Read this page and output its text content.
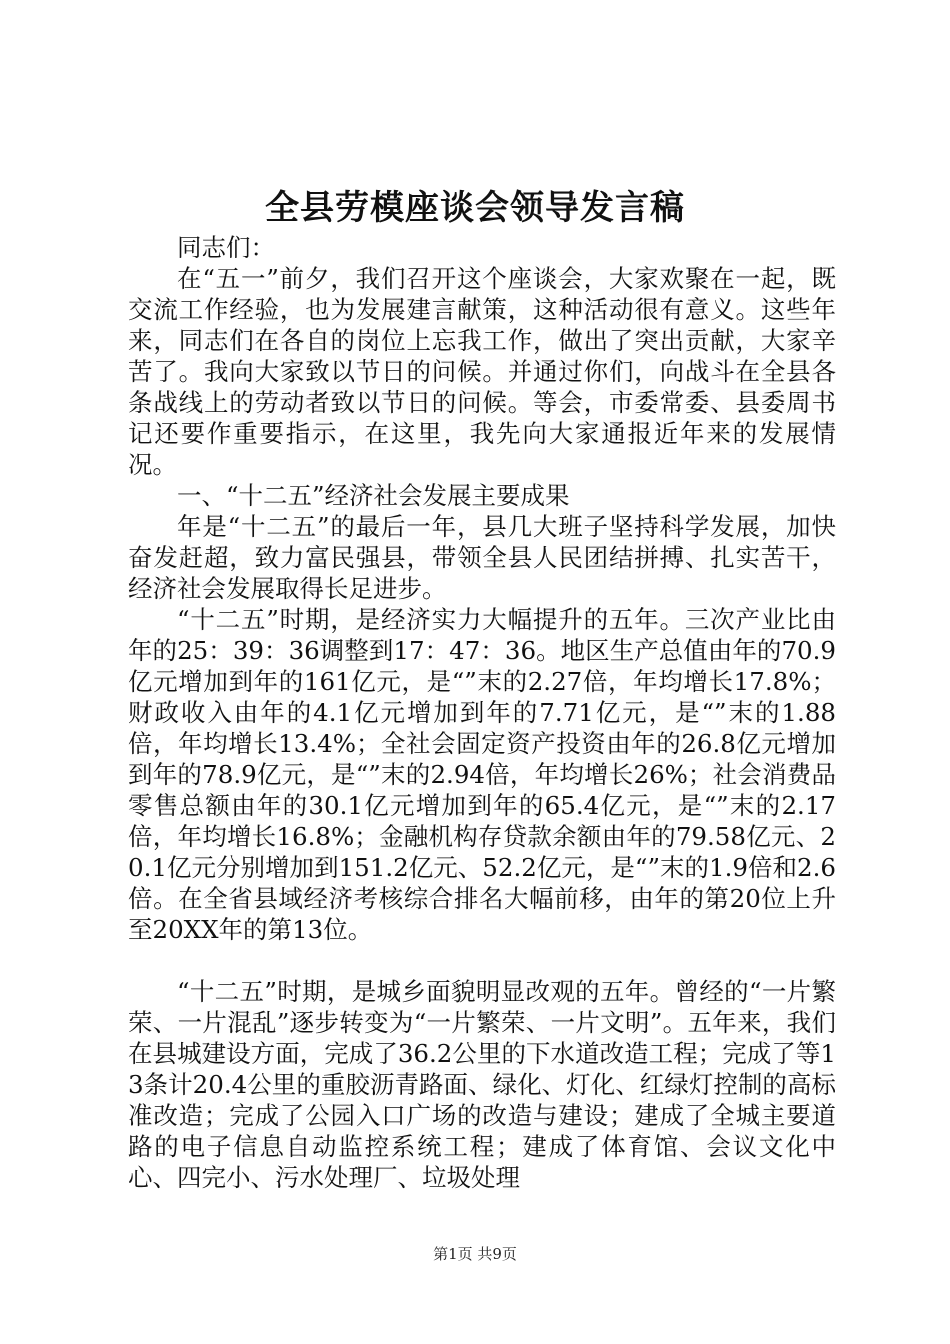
全县劳模座谈会领导发言稿

同志们：

在“五一”前夕，我们召开这个座谈会，大家欢聚在一起，既交流工作经验，也为发展建言献策，这种活动很有意义。这些年来，同志们在各自的岗位上忘我工作，做出了突出贡献，大家辛苦了。我向大家致以节日的问候。并通过你们，向战斗在全县各条战线上的劳动者致以节日的问候。等会，市委常委、县委周书记还要作重要指示，在这里，我先向大家通报近年来的发展情况。

一、“十二五”经济社会发展主要成果

年是“十二五”的最后一年，县几大班子坚持科学发展，加快奋发赶超，致力富民强县，带领全县人民团结拼搏、扎实苦干，经济社会发展取得长足进步。

“十二五”时期，是经济实力大幅提升的五年。三次产业比由年的25：39：36调整到17：47：36。地区生产总值由年的70.9亿元增加到年的161亿元，是“”末的2.27倍，年均增长17.8%；财政收入由年的4.1亿元增加到年的7.71亿元，是“”末的1.88倍，年均增长13.4%；全社会固定资产投资由年的26.8亿元增加到年的78.9亿元，是“”末的2.94倍，年均增长26%；社会消费品零售总额由年的30.1亿元增加到年的65.4亿元，是“”末的2.17倍，年均增长16.8%；金融机构存贷款余额由年的79.58亿元、20.1亿元分别增加到151.2亿元、52.2亿元，是“”末的1.9倍和2.6倍。在全省县域经济考核综合排名大幅前移，由年的第20位上升至20XX年的第13位。

“十二五”时期，是城乡面貌明显改观的五年。曾经的“一片繁荣、一片混乱”逐步转变为“一片繁荣、一片文明”。五年来，我们在县城建设方面，完成了36.2公里的下水道改造工程；完成了等13条计20.4公里的重胶沥青路面、绿化、灯化、红绿灯控制的高标准改造；完成了公园入口广场的改造与建设；建成了全城主要道路的电子信息自动监控系统工程；建成了体育馆、会议文化中心、四完小、污水处理厂、垃圾处理

第1页 共9页
